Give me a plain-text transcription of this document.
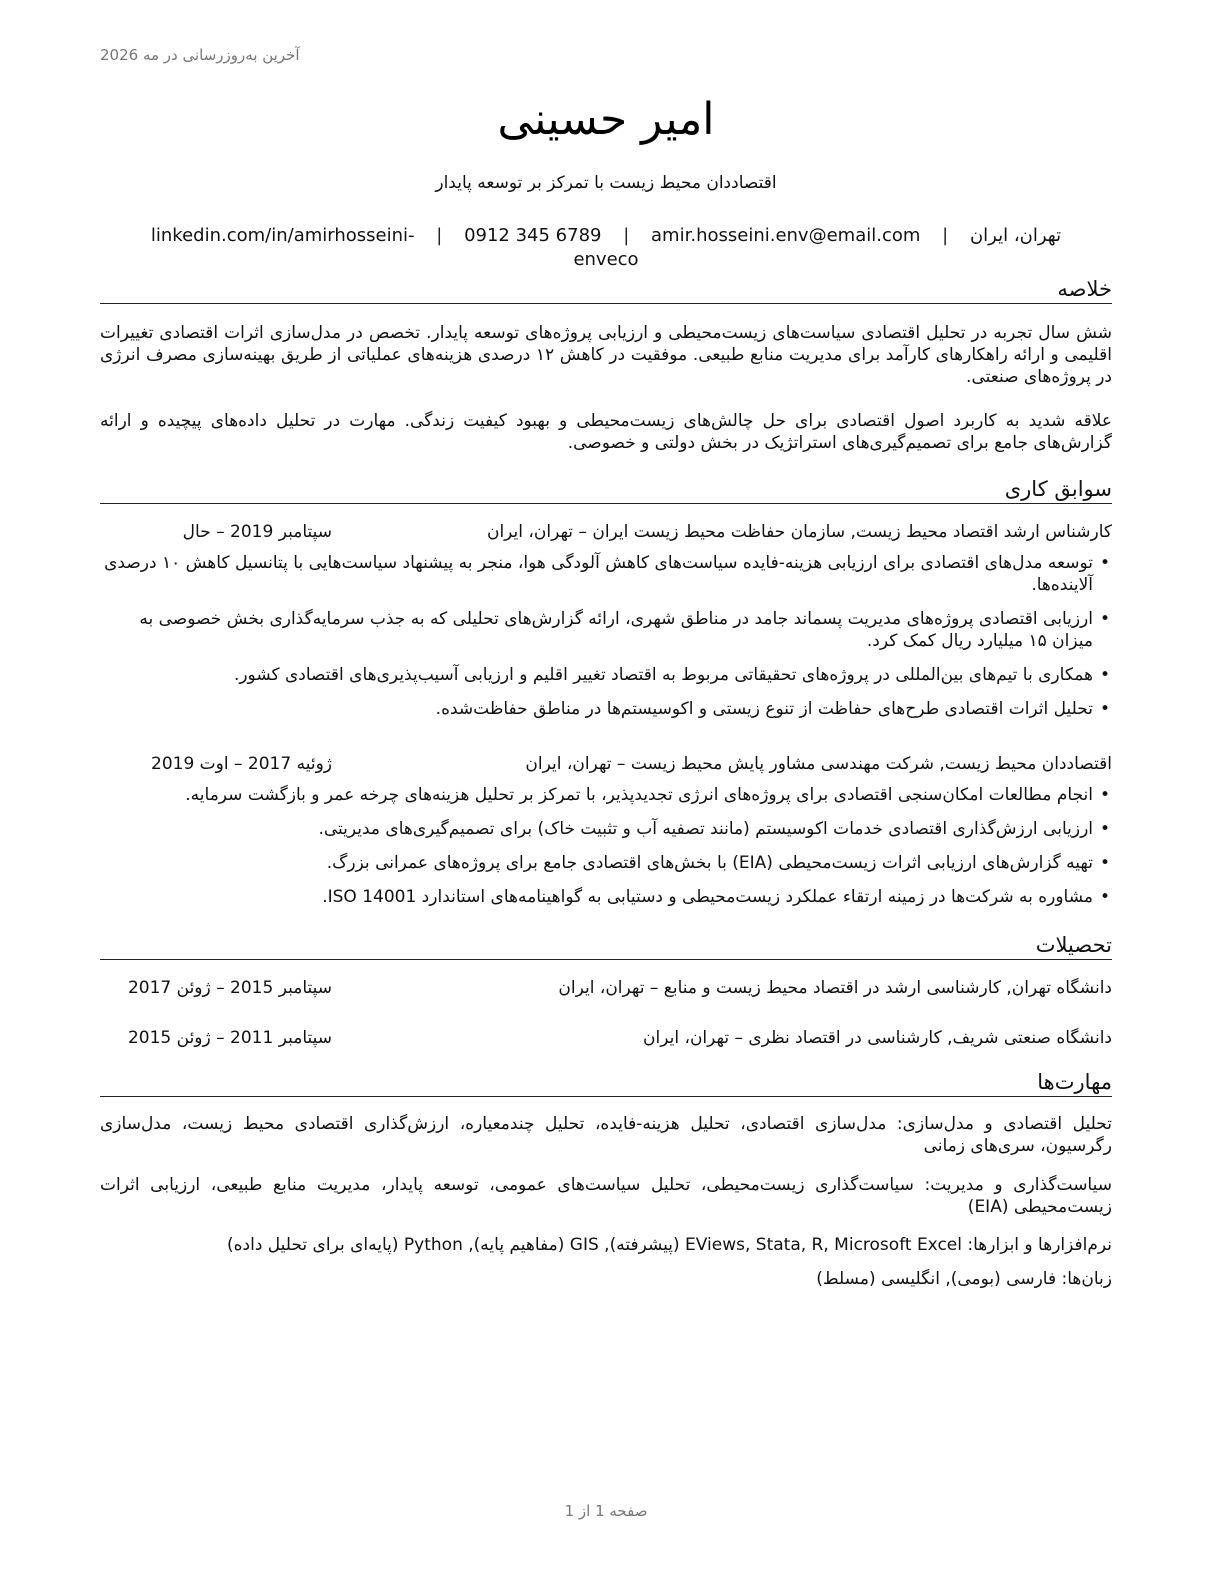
آخرین به‌روزرسانی در مه 2026
امیر حسینی
اقتصاددان محیط زیست با تمرکز بر توسعه پایدار
تهران، ایران | amir.hosseini.env@email.com | 0912 345 6789 | linkedin.com/in/amirhosseini-enveco
خلاصه
شش سال تجربه در تحلیل اقتصادی سیاست‌های زیست‌محیطی و ارزیابی پروژه‌های توسعه پایدار. تخصص در مدل‌سازی اثرات اقتصادی تغییرات اقلیمی و ارائه راهکارهای کارآمد برای مدیریت منابع طبیعی. موفقیت در کاهش ۱۲ درصدی هزینه‌های عملیاتی از طریق بهینه‌سازی مصرف انرژی در پروژه‌های صنعتی.
علاقه شدید به کاربرد اصول اقتصادی برای حل چالش‌های زیست‌محیطی و بهبود کیفیت زندگی. مهارت در تحلیل داده‌های پیچیده و ارائه گزارش‌های جامع برای تصمیم‌گیری‌های استراتژیک در بخش دولتی و خصوصی.
سوابق کاری
کارشناس ارشد اقتصاد محیط زیست, سازمان حفاظت محیط زیست ایران – تهران، ایران
سپتامبر 2019 – حال
•
توسعه مدل‌های اقتصادی برای ارزیابی هزینه-فایده سیاست‌های کاهش آلودگی هوا، منجر به پیشنهاد سیاست‌هایی با پتانسیل کاهش ۱۰ درصدی آلاینده‌ها.
•
ارزیابی اقتصادی پروژه‌های مدیریت پسماند جامد در مناطق شهری، ارائه گزارش‌های تحلیلی که به جذب سرمایه‌گذاری بخش خصوصی به میزان ۱۵ میلیارد ریال کمک کرد.
•
همکاری با تیم‌های بین‌المللی در پروژه‌های تحقیقاتی مربوط به اقتصاد تغییر اقلیم و ارزیابی آسیب‌پذیری‌های اقتصادی کشور.
•
تحلیل اثرات اقتصادی طرح‌های حفاظت از تنوع زیستی و اکوسیستم‌ها در مناطق حفاظت‌شده.
اقتصاددان محیط زیست, شرکت مهندسی مشاور پایش محیط زیست – تهران، ایران
ژوئیه 2017 – اوت 2019
•
انجام مطالعات امکان‌سنجی اقتصادی برای پروژه‌های انرژی تجدیدپذیر، با تمرکز بر تحلیل هزینه‌های چرخه عمر و بازگشت سرمایه.
•
ارزیابی ارزش‌گذاری اقتصادی خدمات اکوسیستم (مانند تصفیه آب و تثبیت خاک) برای تصمیم‌گیری‌های مدیریتی.
•
تهیه گزارش‌های ارزیابی اثرات زیست‌محیطی (EIA) با بخش‌های اقتصادی جامع برای پروژه‌های عمرانی بزرگ.
•
مشاوره به شرکت‌ها در زمینه ارتقاء عملکرد زیست‌محیطی و دستیابی به گواهینامه‌های استاندارد ISO 14001.
تحصیلات
دانشگاه تهران, کارشناسی ارشد در اقتصاد محیط زیست و منابع – تهران، ایران
سپتامبر 2015 – ژوئن 2017
دانشگاه صنعتی شریف, کارشناسی در اقتصاد نظری – تهران، ایران
سپتامبر 2011 – ژوئن 2015
مهارت‌ها
تحلیل اقتصادی و مدل‌سازی: مدل‌سازی اقتصادی، تحلیل هزینه-فایده، تحلیل چندمعیاره، ارزش‌گذاری اقتصادی محیط زیست، مدل‌سازی رگرسیون، سری‌های زمانی
سیاست‌گذاری و مدیریت: سیاست‌گذاری زیست‌محیطی، تحلیل سیاست‌های عمومی، توسعه پایدار، مدیریت منابع طبیعی، ارزیابی اثرات زیست‌محیطی (EIA)
نرم‌افزارها و ابزارها: EViews, Stata, R, Microsoft Excel (پیشرفته), GIS (مفاهیم پایه), Python (پایه‌ای برای تحلیل داده)
زبان‌ها: فارسی (بومی), انگلیسی (مسلط)
صفحه 1 از 1
